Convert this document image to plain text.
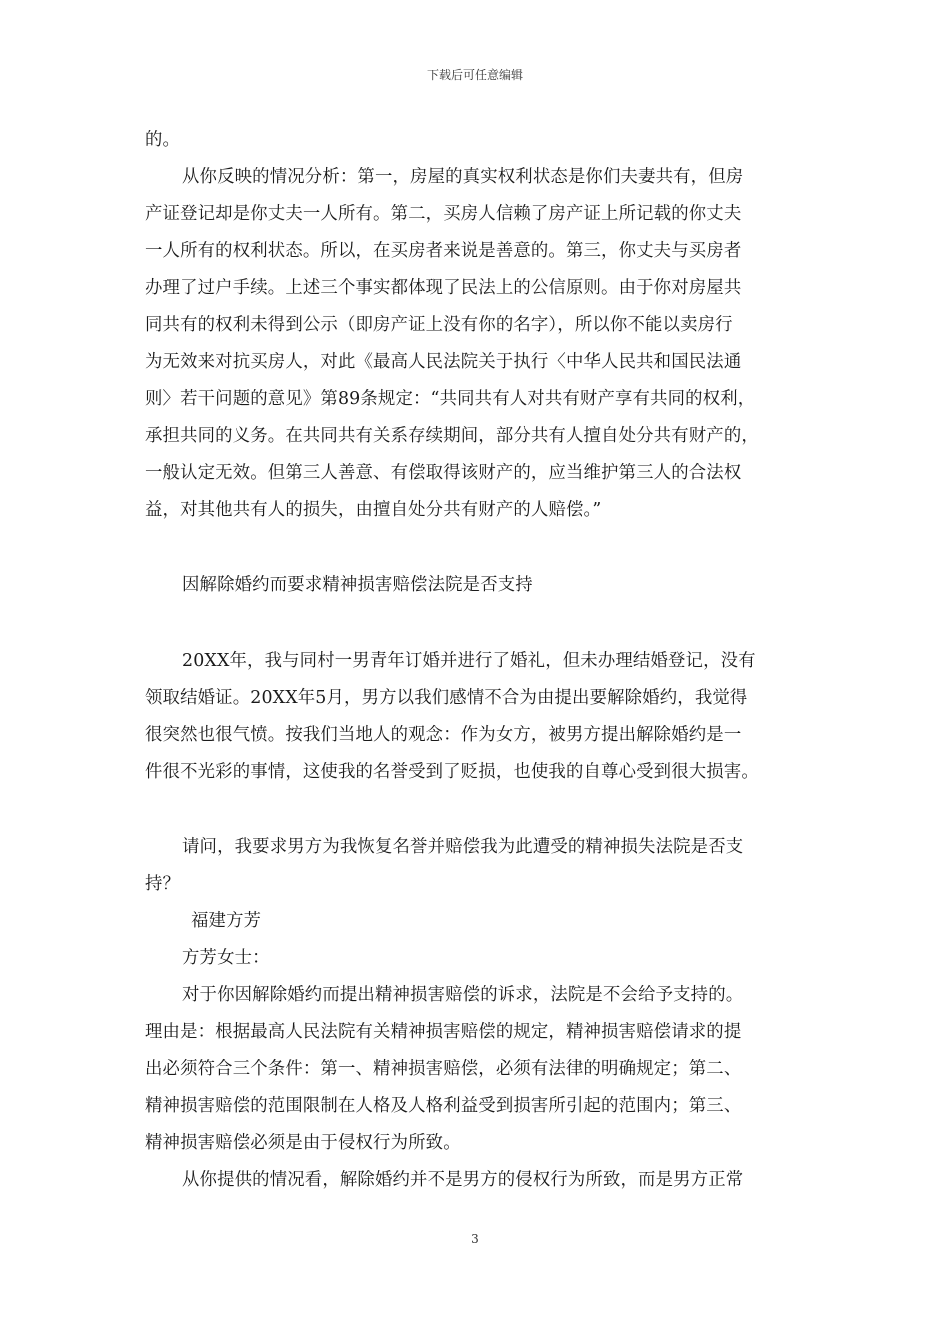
下载后可任意编辑
的。
从你反映的情况分析：第一，房屋的真实权利状态是你们夫妻共有，但房
产证登记却是你丈夫一人所有。第二，买房人信赖了房产证上所记载的你丈夫
一人所有的权利状态。所以，在买房者来说是善意的。第三，你丈夫与买房者
办理了过户手续。上述三个事实都体现了民法上的公信原则。由于你对房屋共
同共有的权利未得到公示（即房产证上没有你的名字），所以你不能以卖房行
为无效来对抗买房人，对此《最高人民法院关于执行〈中华人民共和国民法通
则〉若干问题的意见》第89条规定：“共同共有人对共有财产享有共同的权利，
承担共同的义务。在共同共有关系存续期间，部分共有人擅自处分共有财产的，
一般认定无效。但第三人善意、有偿取得该财产的，应当维护第三人的合法权
益，对其他共有人的损失，由擅自处分共有财产的人赔偿。”
因解除婚约而要求精神损害赔偿法院是否支持
20XX年，我与同村一男青年订婚并进行了婚礼，但未办理结婚登记，没有
领取结婚证。20XX年5月，男方以我们感情不合为由提出要解除婚约，我觉得
很突然也很气愤。按我们当地人的观念：作为女方，被男方提出解除婚约是一
件很不光彩的事情，这使我的名誉受到了贬损，也使我的自尊心受到很大损害。
请问，我要求男方为我恢复名誉并赔偿我为此遭受的精神损失法院是否支
持？
福建方芳
方芳女士：
对于你因解除婚约而提出精神损害赔偿的诉求，法院是不会给予支持的。
理由是：根据最高人民法院有关精神损害赔偿的规定，精神损害赔偿请求的提
出必须符合三个条件：第一、精神损害赔偿，必须有法律的明确规定；第二、
精神损害赔偿的范围限制在人格及人格利益受到损害所引起的范围内；第三、
精神损害赔偿必须是由于侵权行为所致。
从你提供的情况看，解除婚约并不是男方的侵权行为所致，而是男方正常
3
